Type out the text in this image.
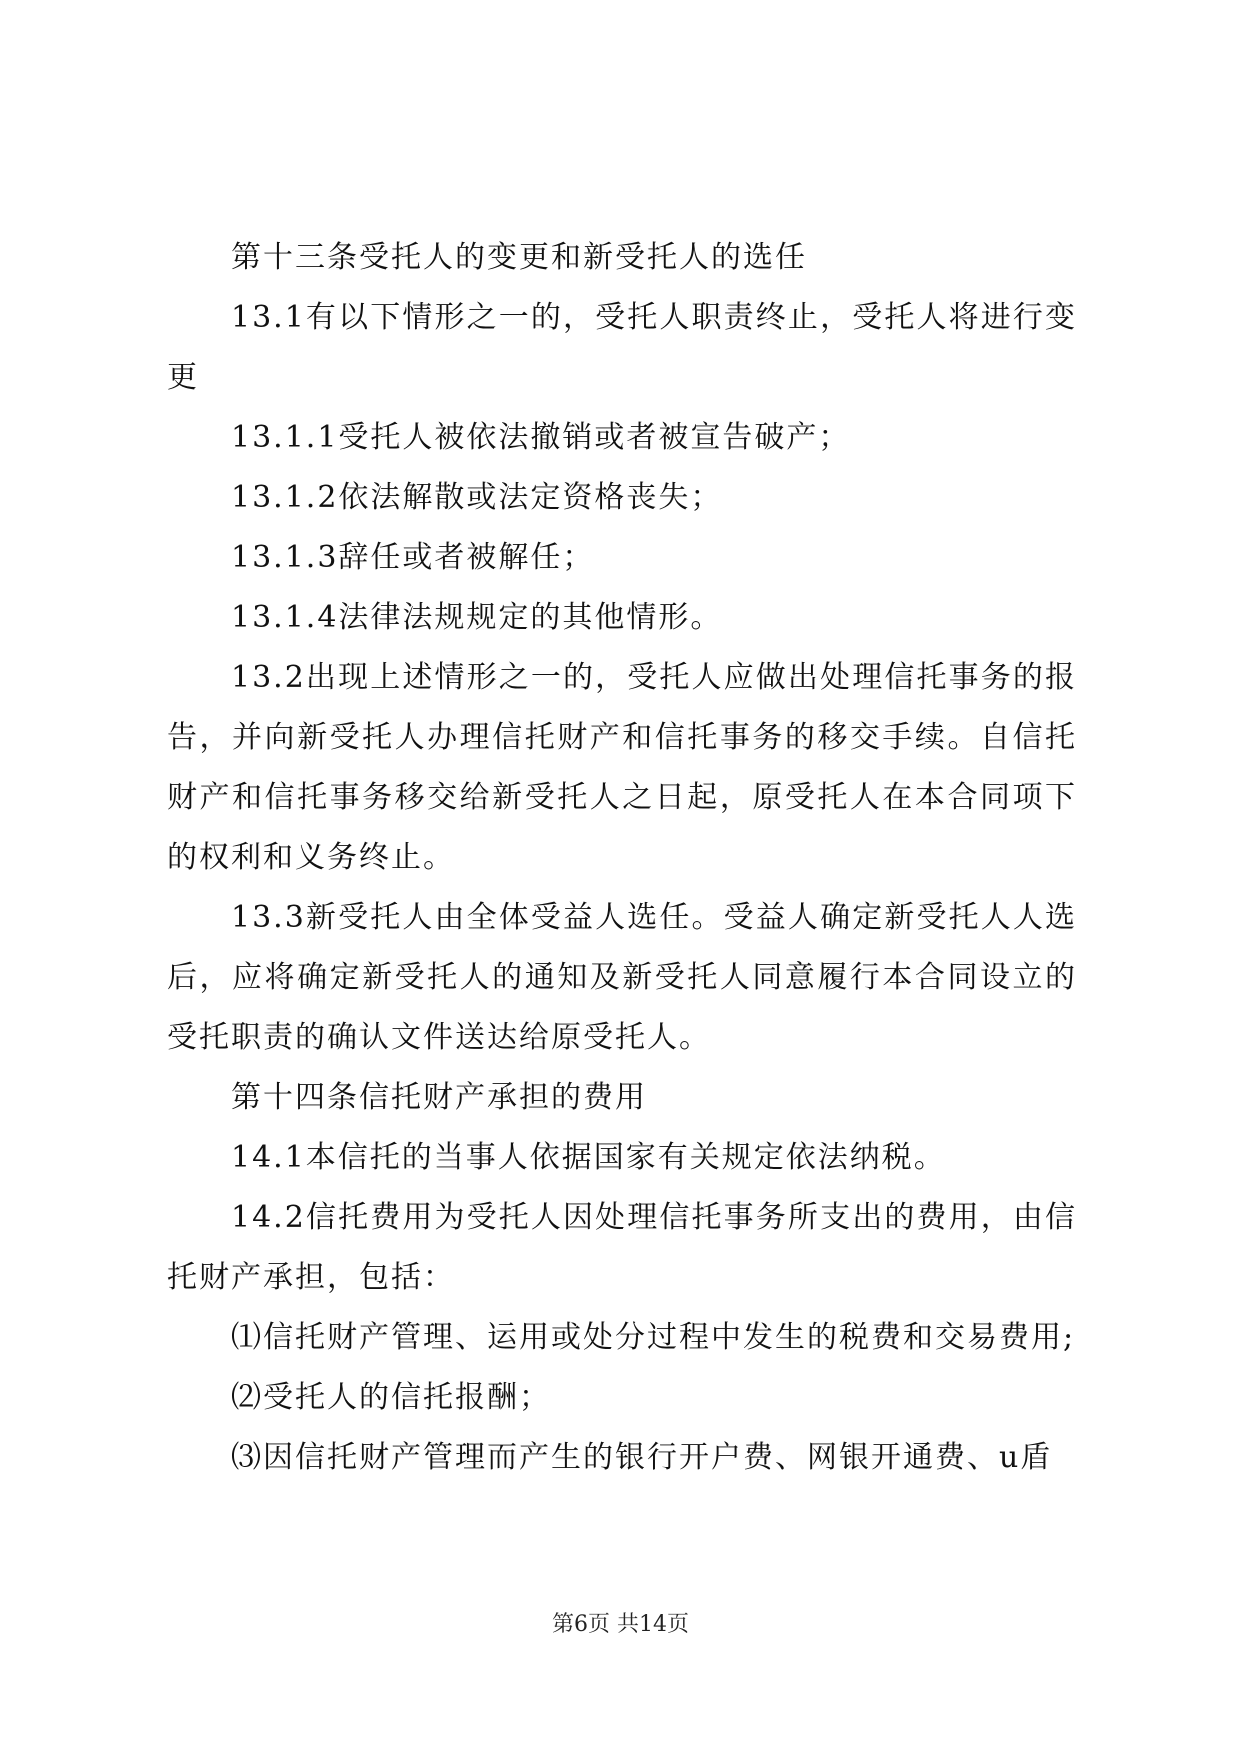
第十三条受托人的变更和新受托人的选任

13.1有以下情形之一的，受托人职责终止，受托人将进行变更

13.1.1受托人被依法撤销或者被宣告破产；

13.1.2依法解散或法定资格丧失；

13.1.3辞任或者被解任；

13.1.4法律法规规定的其他情形。

13.2出现上述情形之一的，受托人应做出处理信托事务的报告，并向新受托人办理信托财产和信托事务的移交手续。自信托财产和信托事务移交给新受托人之日起，原受托人在本合同项下的权利和义务终止。

13.3新受托人由全体受益人选任。受益人确定新受托人人选后，应将确定新受托人的通知及新受托人同意履行本合同设立的受托职责的确认文件送达给原受托人。

第十四条信托财产承担的费用

14.1本信托的当事人依据国家有关规定依法纳税。

14.2信托费用为受托人因处理信托事务所支出的费用，由信托财产承担，包括：

⑴信托财产管理、运用或处分过程中发生的税费和交易费用;

⑵受托人的信托报酬；

⑶因信托财产管理而产生的银行开户费、网银开通费、u盾

第6页 共14页
